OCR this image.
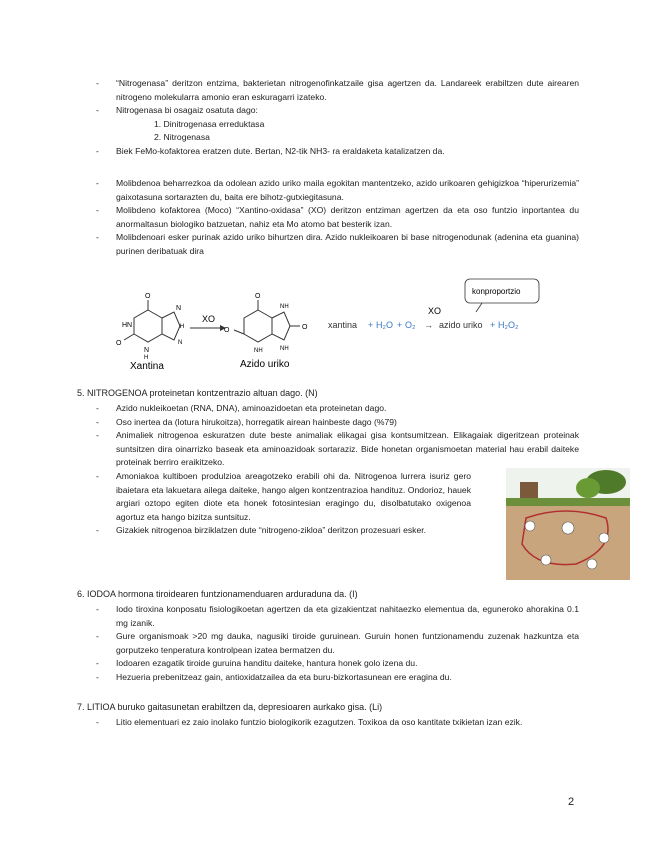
- “Nitrogenasa” deritzon entzima, bakterietan nitrogenofinkatzaile gisa agertzen da. Landareek erabiltzen dute airearen nitrogeno molekularra amonio eran eskuragarri izateko.
- Nitrogenasa bi osagaiz osatuta dago:
1. Dinitrogenasa erreduktasa
2. Nitrogenasa
- Biek FeMo-kofaktorea eratzen dute. Bertan, N2-tik NH3- ra eraldaketa katalizatzen da.
- Molibdenoa beharrezkoa da odolean azido uriko maila egokitan mantentzeko, azido urikoaren gehigizkoa “hiperurizemia” gaixotasuna sortarazten du, baita ere bihotz-gutxiegitasuna.
- Molibdeno kofaktorea (Moco) “Xantino-oxidasa” (XO) deritzon entziman agertzen da eta oso funtzio inportantea du anormaltasun biologiko batzuetan, nahiz eta Mo atomo bat besterik izan.
- Molibdenoari esker purinak azido uriko bihurtzen dira. Azido nukleikoaren bi base nitrogenodunak (adenina eta guanina) purinen deribatuak dira
O
HN
O
N
H
N
N
H
Xantina
XO
O
O
NH
NH
O
NH
Azido uriko
konproportzio
XO
xantina + H₂O + O₂ → azido uriko + H₂O₂
5. NITROGENOA proteinetan kontzentrazio altuan dago. (N)
- Azido nukleikoetan (RNA, DNA), aminoazidoetan eta proteinetan dago.
- Oso inertea da (lotura hirukoitza), horregatik airean hainbeste dago (%79)
- Animaliek nitrogenoa eskuratzen dute beste animaliak elikagai gisa kontsumitzean. Elikagaiak digeritzean proteinak suntsitzen dira oinarrizko baseak eta aminoazidoak sortaraziz. Bide honetan organismoetan material hau erabil daiteke proteinak berriro eraikitzeko.
- Amoniakoa kultiboen produlzioa areagotzeko erabili ohi da. Nitrogenoa lurrera isuriz gero ibaietara eta lakuetara ailega daiteke, hango algen kontzentrazioa handituz. Ondorioz, hauek argiari oztopo egiten diote eta honek fotosintesian eragingo du, disolbatutako oxigenoa agortuz eta hango bizitza suntsituz.
- Gizakiek nitrogenoa birziklatzen dute “nitrogeno-zikloa” deritzon prozesuari esker.
6. IODOA hormona tiroidearen funtzionamenduaren arduraduna da. (I)
- Iodo tiroxina konposatu fisiologikoetan agertzen da eta gizakientzat nahitaezko elementua da, eguneroko ahorakina 0.1 mg izanik.
- Gure organismoak >20 mg dauka, nagusiki tiroide guruinean. Guruin honen funtzionamendu zuzenak hazkuntza eta gorputzeko tenperatura kontrolpean izatea bermatzen du.
- Iodoaren ezagatik tiroide guruina handitu daiteke, hantura honek golo izena du.
- Hezueria prebenitzeaz gain, antioxidatzailea da eta buru-bizkortasunean ere eragina du.
7. LITIOA buruko gaitasunetan erabiltzen da, depresioaren aurkako gisa. (Li)
- Litio elementuari ez zaio inolako funtzio biologikorik ezagutzen. Toxikoa da oso kantitate txikietan izan ezik.
2
